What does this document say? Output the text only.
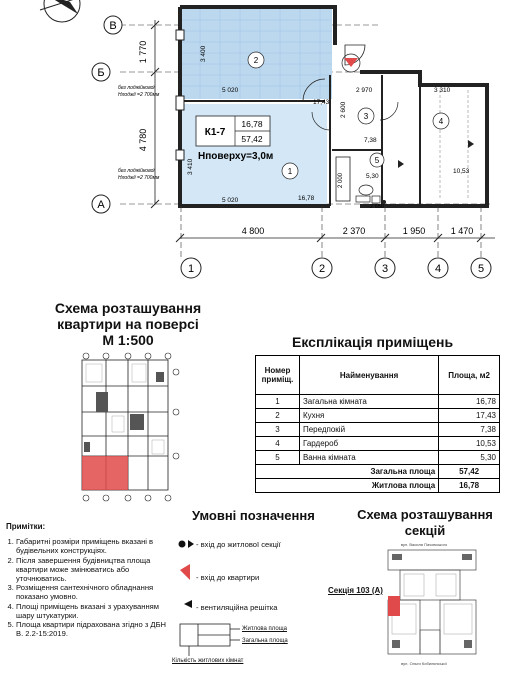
В
Б
А
1 770
4 780
без лоджійкової
Hлоджії =2 700мм
без лоджійкової
Hлоджії =2 700мм
2
1
3
4
5
16,78
17,43
7,38
10,53
5,30
5 020	2 970	3 310
2 600
5 020
3 400
3 410
2 000
2 650
К1-7
16,78
57,42
Нповерху=3,0м
4 800	2 370	1 950	1 470
1	2	3	4	5
Схема розташування квартири на поверсі
М 1:500	Експлікація приміщень
Номер приміщ.	Найменування	Площа, м2
1	Загальна кімната	16,78
2	Кухня	17,43
3	Передпокій	7,38
4	Гардероб	10,53
5	Ванна кімната	5,30
Загальна площа		57,42
Житлова площа		16,78
Примітки:
1. Габаритні розміри приміщень вказані в будівельних конструкціях.
2. Після завершення будівництва площа квартири може змінюватись або уточнюватись.
3. Розміщення сантехнічного обладнання показано умовно.
4. Площі приміщень вказані з урахуванням шару штукатурки.
5. Площа квартири підрахована згідно з ДБН В. 2.2-15:2019.
Умовні позначення
- вхід до житлової секції
- вхід до квартири
- вентиляційна решітка
Житлова площа
Загальна площа
Кількість житлових кімнат
Схема розташування секцій
вул. Василя Пачовського
вул. Ольги Кобилянської
Секція 103 (А)
